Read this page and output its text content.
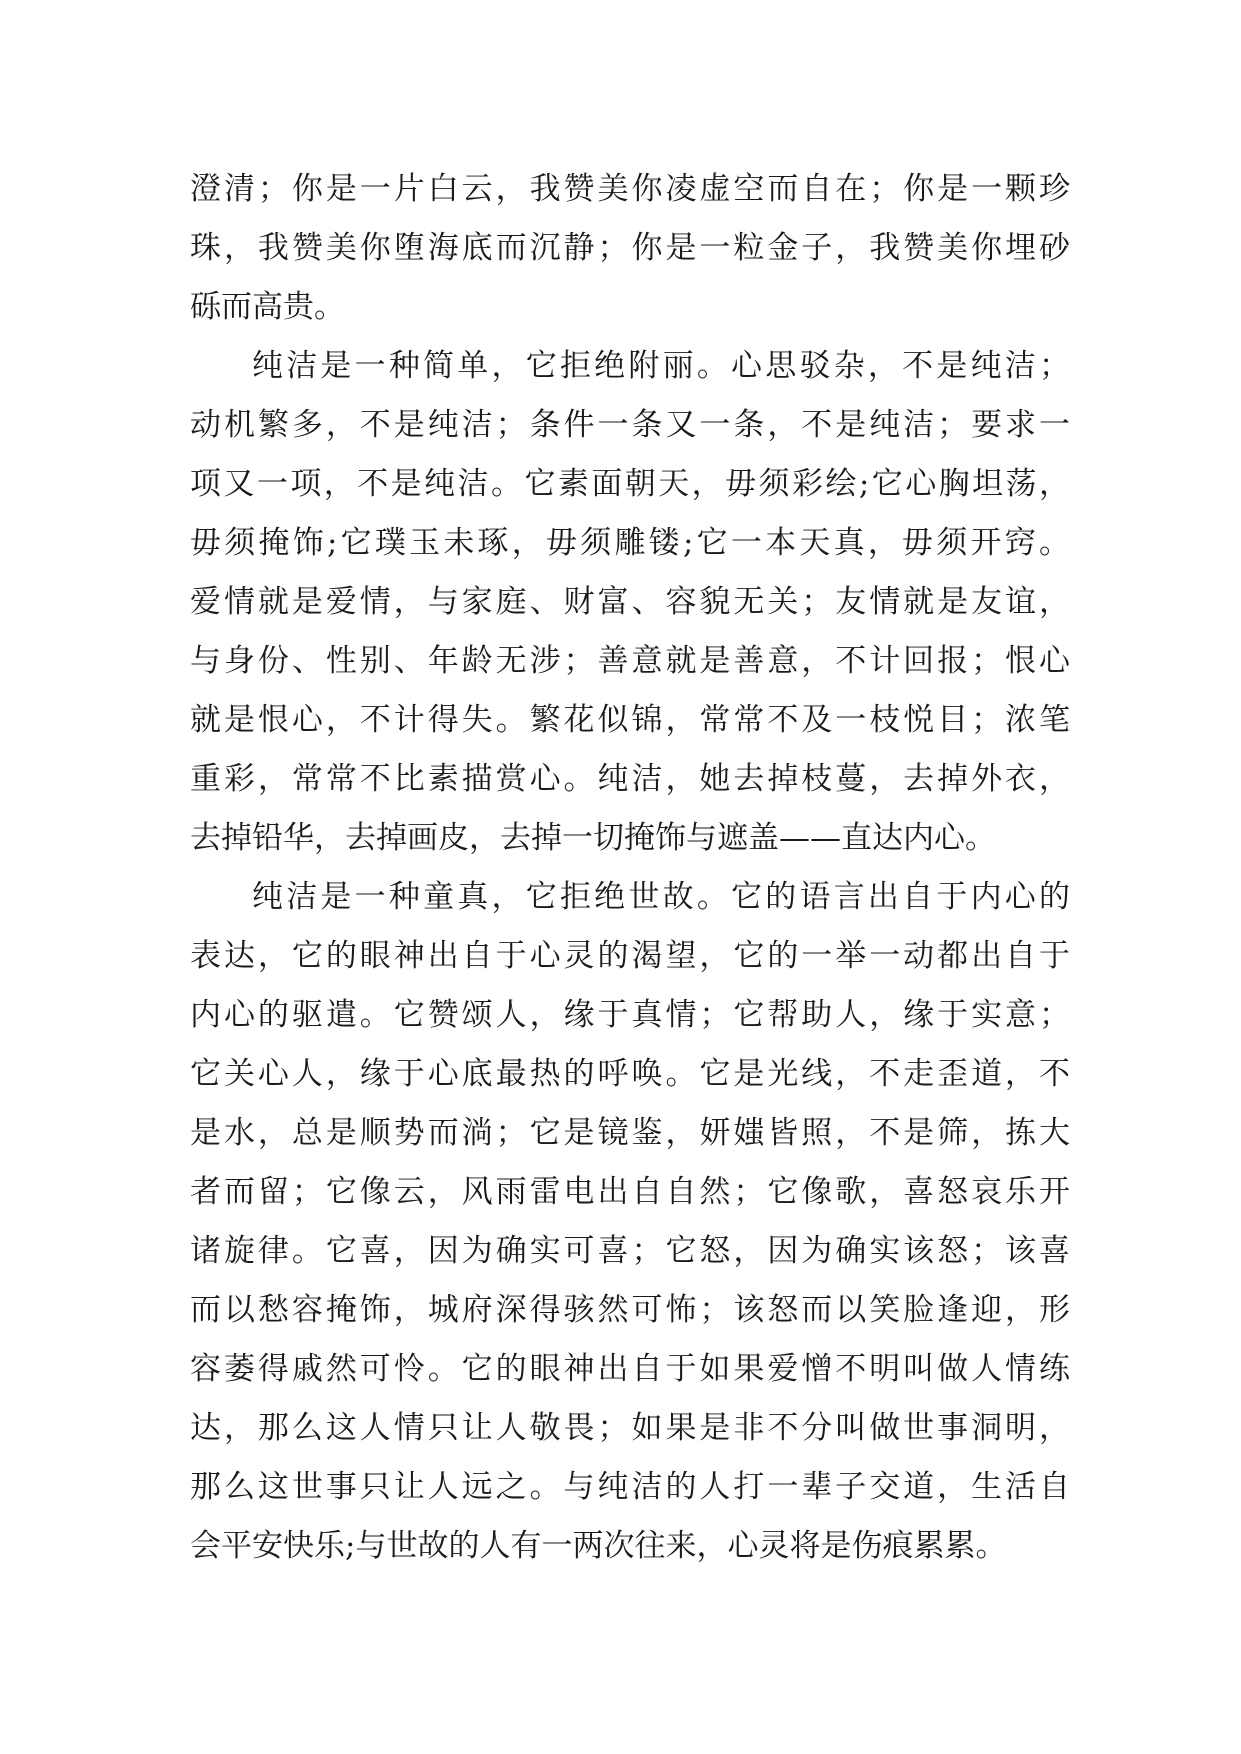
澄清；你是一片白云，我赞美你凌虚空而自在；你是一颗珍
珠，我赞美你堕海底而沉静；你是一粒金子，我赞美你埋砂
砾而高贵。
纯洁是一种简单，它拒绝附丽。心思驳杂，不是纯洁；
动机繁多，不是纯洁；条件一条又一条，不是纯洁；要求一
项又一项，不是纯洁。它素面朝天，毋须彩绘;它心胸坦荡，
毋须掩饰;它璞玉未琢，毋须雕镂;它一本天真，毋须开窍。
爱情就是爱情，与家庭、财富、容貌无关；友情就是友谊，
与身份、性别、年龄无涉；善意就是善意，不计回报；恨心
就是恨心，不计得失。繁花似锦，常常不及一枝悦目；浓笔
重彩，常常不比素描赏心。纯洁，她去掉枝蔓，去掉外衣，
去掉铅华，去掉画皮，去掉一切掩饰与遮盖——直达内心。
纯洁是一种童真，它拒绝世故。它的语言出自于内心的
表达，它的眼神出自于心灵的渴望，它的一举一动都出自于
内心的驱遣。它赞颂人，缘于真情；它帮助人，缘于实意；
它关心人，缘于心底最热的呼唤。它是光线，不走歪道，不
是水，总是顺势而淌；它是镜鉴，妍媸皆照，不是筛，拣大
者而留；它像云，风雨雷电出自自然；它像歌，喜怒哀乐开
诸旋律。它喜，因为确实可喜；它怒，因为确实该怒；该喜
而以愁容掩饰，城府深得骇然可怖；该怒而以笑脸逢迎，形
容萎得戚然可怜。它的眼神出自于如果爱憎不明叫做人情练
达，那么这人情只让人敬畏；如果是非不分叫做世事洞明，
那么这世事只让人远之。与纯洁的人打一辈子交道，生活自
会平安快乐;与世故的人有一两次往来，心灵将是伤痕累累。
